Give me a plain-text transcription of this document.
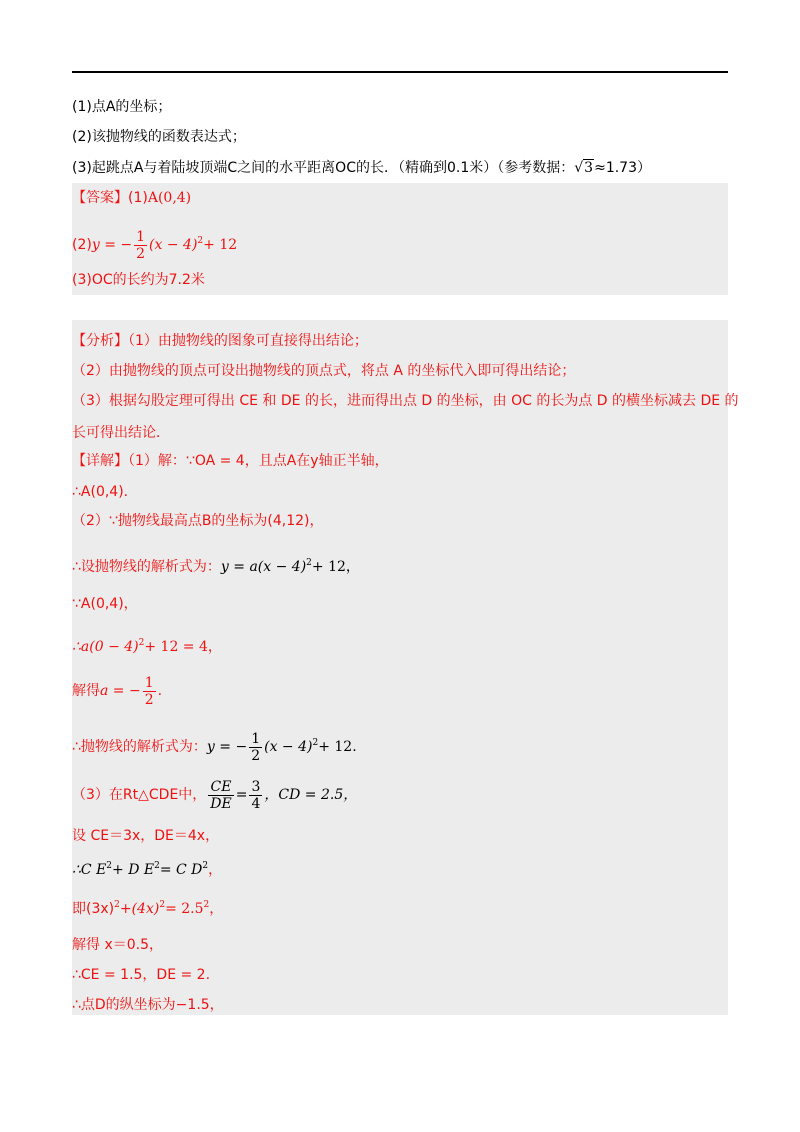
(1)点A的坐标；
(2)该抛物线的函数表达式；
(3)起跳点A与着陆坡顶端C之间的水平距离OC的长．（精确到0.1米）（参考数据：√3≈1.73）
【答案】(1)A(0,4)
(2)y = − $\frac{1}{2} (x - 4)^2+ 12$
(3)OC的长约为7.2米
【分析】（1）由抛物线的图象可直接得出结论；
（2）由抛物线的顶点可设出抛物线的顶点式，将点 A 的坐标代入即可得出结论；
（3）根据勾股定理可得出 CE 和 DE 的长，进而得出点 D 的坐标，由 OC 的长为点 D 的横坐标减去 DE 的
长可得出结论．
【详解】（1）解：∵OA = 4，且点A在y轴正半轴，
∴A(0,4).
（2）∵抛物线最高点B的坐标为(4,12)，
∴设抛物线的解析式为：$y = a(x - 4)^2+ 12$，
∵A(0,4)，
∴a(0 − 4)$^2$+ 12 = 4，
解得a = − $\frac{1}{2}$ .
∴抛物线的解析式为：y = − $\frac{1}{2} (x - 4)^2+ 12$.
（3）在Rt△CDE中， $\frac{CE}{DE} = \frac{3}{4}$ ，CD = 2.5，
设 CE＝3x，DE＝4x，
∴C $E^2+ D$ $E^2= C$ $D^2$，
即$(3x)^2+(4x)^2= 2.5^2$，
解得 x＝0.5，
∴CE = 1.5，DE = 2.
∴点D的纵坐标为−1.5，
